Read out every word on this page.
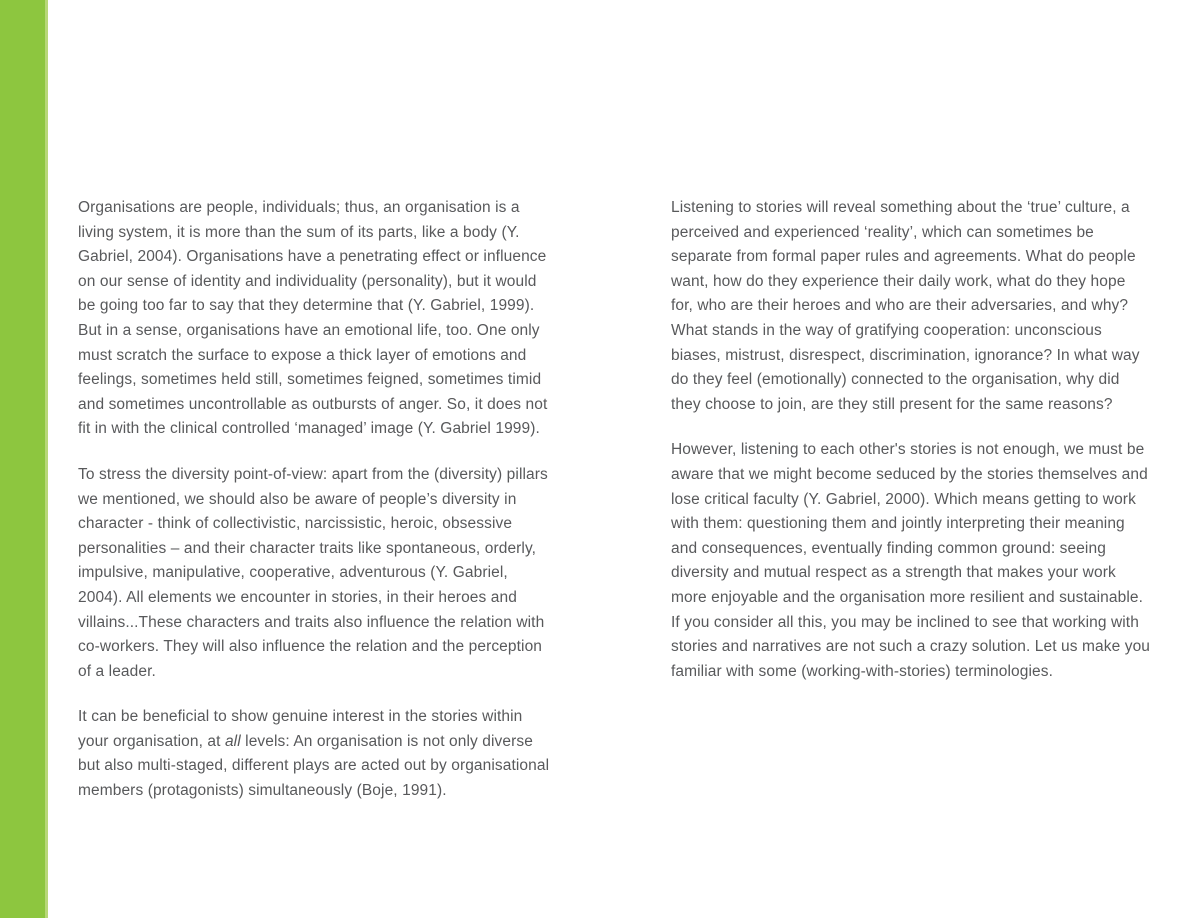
Organisations are people, individuals; thus, an organisation is a
living system, it is more than the sum of its parts, like a body (Y.
Gabriel, 2004). Organisations have a penetrating effect or influence
on our sense of identity and individuality (personality), but it would
be going too far to say that they determine that (Y. Gabriel, 1999).
But in a sense, organisations have an emotional life, too. One only
must scratch the surface to expose a thick layer of emotions and
feelings, sometimes held still, sometimes feigned, sometimes timid
and sometimes uncontrollable as outbursts of anger. So, it does not
fit in with the clinical controlled ‘managed’ image (Y. Gabriel 1999).
To stress the diversity point-of-view: apart from the (diversity) pillars
we mentioned, we should also be aware of people’s diversity in
character - think of collectivistic, narcissistic, heroic, obsessive
personalities – and their character traits like spontaneous, orderly,
impulsive, manipulative, cooperative, adventurous (Y. Gabriel,
2004). All elements we encounter in stories, in their heroes and
villains...These characters and traits also influence the relation with
co-workers. They will also influence the relation and the perception
of a leader.
It can be beneficial to show genuine interest in the stories within
your organisation, at all levels: An organisation is not only diverse
but also multi-staged, different plays are acted out by organisational
members (protagonists) simultaneously (Boje, 1991).
Listening to stories will reveal something about the ‘true’ culture, a
perceived and experienced ‘reality’, which can sometimes be
separate from formal paper rules and agreements. What do people
want, how do they experience their daily work, what do they hope
for, who are their heroes and who are their adversaries, and why?
What stands in the way of gratifying cooperation: unconscious
biases, mistrust, disrespect, discrimination, ignorance? In what way
do they feel (emotionally) connected to the organisation, why did
they choose to join, are they still present for the same reasons?
However, listening to each other's stories is not enough, we must be
aware that we might become seduced by the stories themselves and
lose critical faculty (Y. Gabriel, 2000). Which means getting to work
with them: questioning them and jointly interpreting their meaning
and consequences, eventually finding common ground: seeing
diversity and mutual respect as a strength that makes your work
more enjoyable and the organisation more resilient and sustainable.
If you consider all this, you may be inclined to see that working with
stories and narratives are not such a crazy solution. Let us make you
familiar with some (working-with-stories) terminologies.
